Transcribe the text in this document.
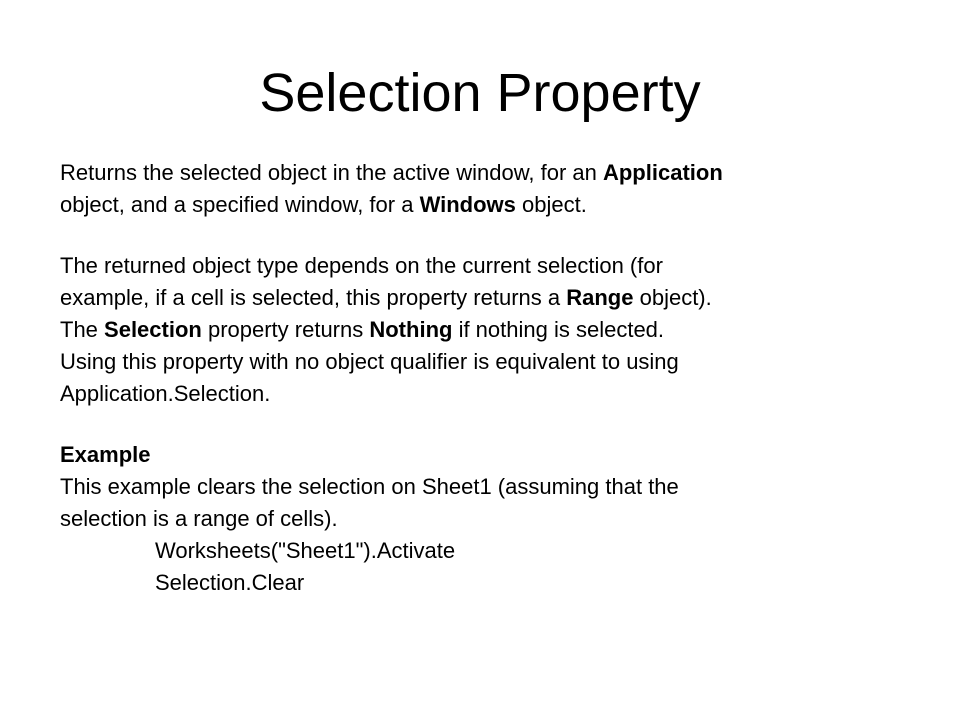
Selection Property
Returns the selected object in the active window, for an Application
object, and a specified window, for a Windows object.
The returned object type depends on the current selection (for
example, if a cell is selected, this property returns a Range object).
The Selection property returns Nothing if nothing is selected.
Using this property with no object qualifier is equivalent to using
Application.Selection.
Example
This example clears the selection on Sheet1 (assuming that the
selection is a range of cells).
Worksheets("Sheet1").Activate
Selection.Clear
